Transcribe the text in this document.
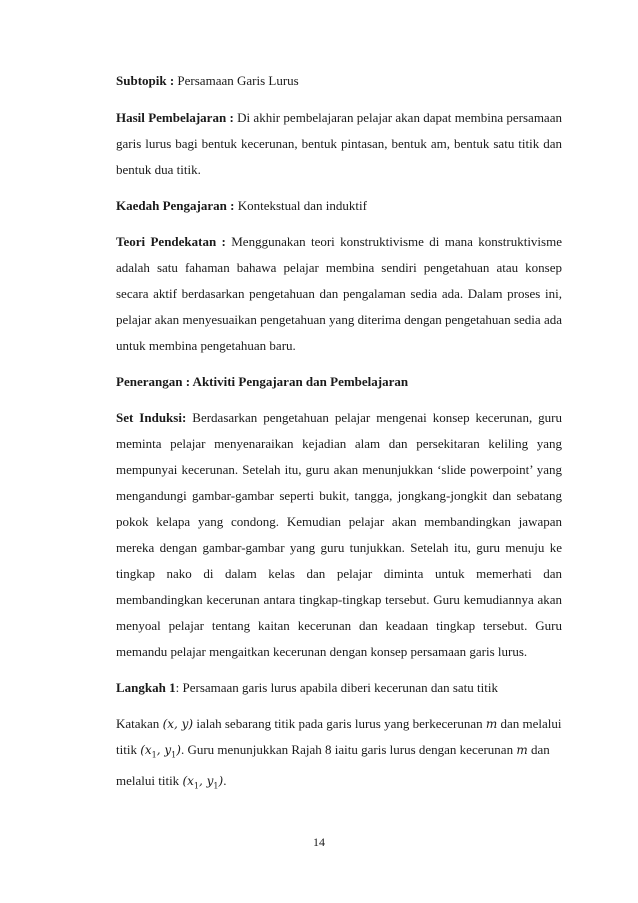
Subtopik : Persamaan Garis Lurus

Hasil Pembelajaran : Di akhir pembelajaran pelajar akan dapat membina persamaan garis lurus bagi bentuk kecerunan, bentuk pintasan, bentuk am, bentuk satu titik dan bentuk dua titik.

Kaedah Pengajaran : Kontekstual dan induktif

Teori Pendekatan : Menggunakan teori konstruktivisme di mana konstruktivisme adalah satu fahaman bahawa pelajar membina sendiri pengetahuan atau konsep secara aktif berdasarkan pengetahuan dan pengalaman sedia ada. Dalam proses ini, pelajar akan menyesuaikan pengetahuan yang diterima dengan pengetahuan sedia ada untuk membina pengetahuan baru.

Penerangan : Aktiviti Pengajaran dan Pembelajaran

Set Induksi: Berdasarkan pengetahuan pelajar mengenai konsep kecerunan, guru meminta pelajar menyenaraikan kejadian alam dan persekitaran keliling yang mempunyai kecerunan. Setelah itu, guru akan menunjukkan ‘slide powerpoint’ yang mengandungi gambar-gambar seperti bukit, tangga, jongkang-jongkit dan sebatang pokok kelapa yang condong. Kemudian pelajar akan membandingkan jawapan mereka dengan gambar-gambar yang guru tunjukkan. Setelah itu, guru menuju ke tingkap nako di dalam kelas dan pelajar diminta untuk memerhati dan membandingkan kecerunan antara tingkap-tingkap tersebut. Guru kemudiannya akan menyoal pelajar tentang kaitan kecerunan dan keadaan tingkap tersebut. Guru memandu pelajar mengaitkan kecerunan dengan konsep persamaan garis lurus.

Langkah 1: Persamaan garis lurus apabila diberi kecerunan dan satu titik

Katakan (x, y) ialah sebarang titik pada garis lurus yang berkecerunan m dan melalui titik ($x_1$, $y_1$). Guru menunjukkan Rajah 8 iaitu garis lurus dengan kecerunan m dan melalui titik ($x_1$, $y_1$).

14
